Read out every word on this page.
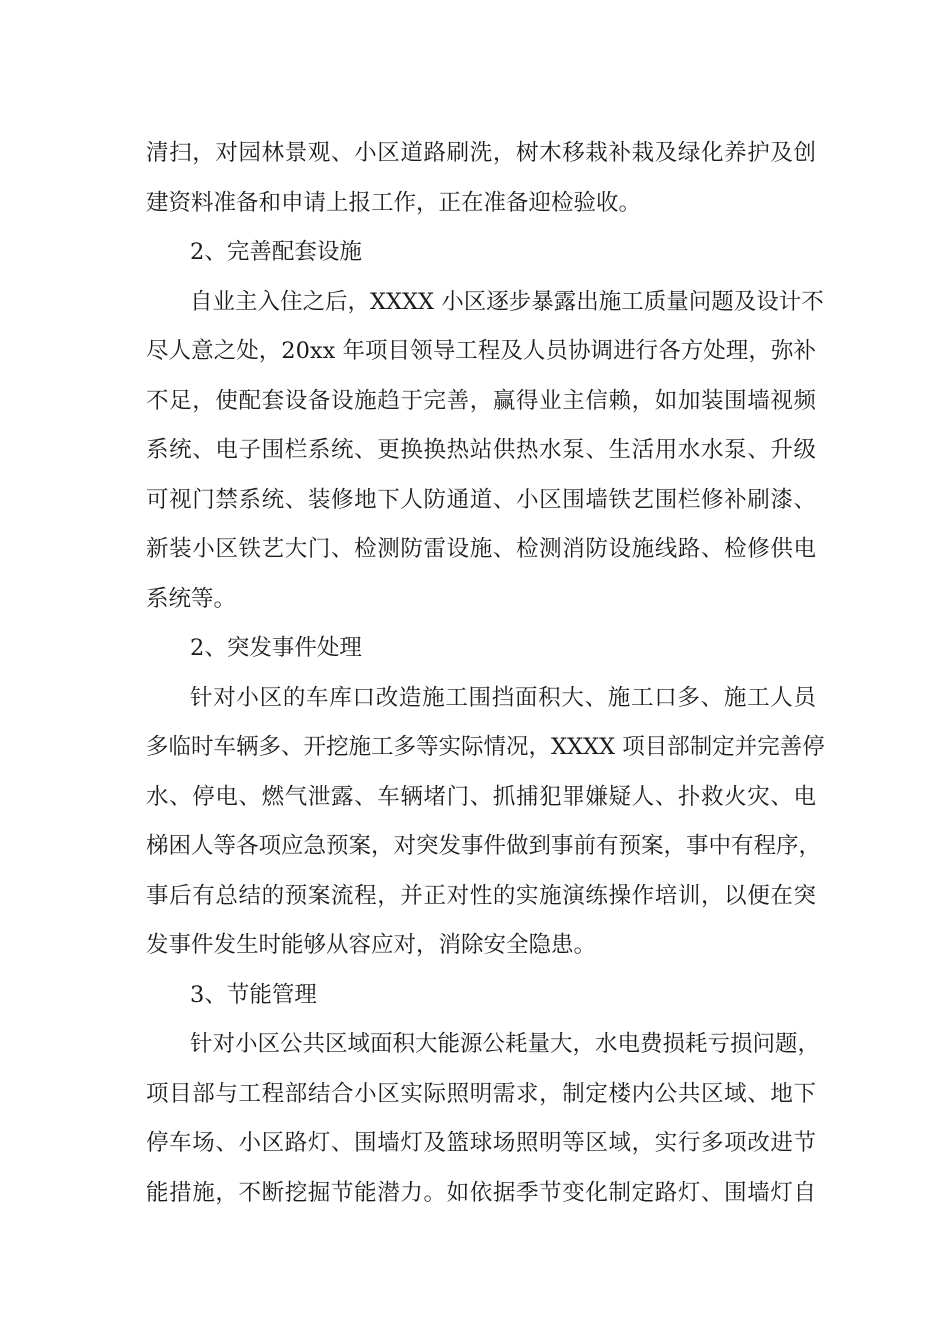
清扫，对园林景观、小区道路刷洗，树木移栽补栽及绿化养护及创
建资料准备和申请上报工作，正在准备迎检验收。
2、完善配套设施
自业主入住之后，XXXX 小区逐步暴露出施工质量问题及设计不
尽人意之处，20xx 年项目领导工程及人员协调进行各方处理，弥补
不足，使配套设备设施趋于完善，赢得业主信赖，如加装围墙视频
系统、电子围栏系统、更换换热站供热水泵、生活用水水泵、升级
可视门禁系统、装修地下人防通道、小区围墙铁艺围栏修补刷漆、
新装小区铁艺大门、检测防雷设施、检测消防设施线路、检修供电
系统等。
2、突发事件处理
针对小区的车库口改造施工围挡面积大、施工口多、施工人员
多临时车辆多、开挖施工多等实际情况，XXXX 项目部制定并完善停
水、停电、燃气泄露、车辆堵门、抓捕犯罪嫌疑人、扑救火灾、电
梯困人等各项应急预案，对突发事件做到事前有预案，事中有程序，
事后有总结的预案流程，并正对性的实施演练操作培训，以便在突
发事件发生时能够从容应对，消除安全隐患。
3、节能管理
针对小区公共区域面积大能源公耗量大，水电费损耗亏损问题，
项目部与工程部结合小区实际照明需求，制定楼内公共区域、地下
停车场、小区路灯、围墙灯及篮球场照明等区域，实行多项改进节
能措施，不断挖掘节能潜力。如依据季节变化制定路灯、围墙灯自
